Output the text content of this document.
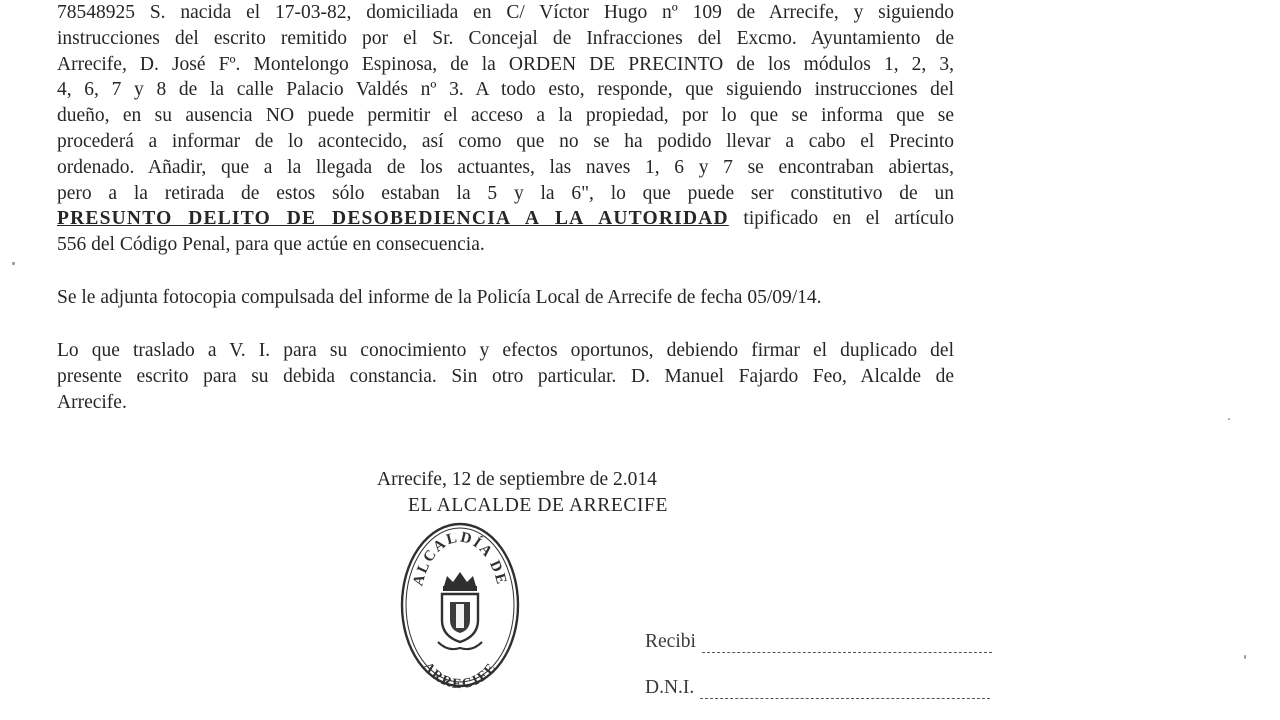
78548925 S. nacida el 17-03-82, domiciliada en C/ Víctor Hugo nº 109 de Arrecife, y siguiendo
instrucciones del escrito remitido por el Sr. Concejal de Infracciones del Excmo. Ayuntamiento de
Arrecife, D. José Fº. Montelongo Espinosa, de la ORDEN DE PRECINTO de los módulos 1, 2, 3,
4, 6, 7 y 8 de la calle Palacio Valdés nº 3. A todo esto, responde, que siguiendo instrucciones del
dueño, en su ausencia NO puede permitir el acceso a la propiedad, por lo que se informa que se
procederá a informar de lo acontecido, así como que no se ha podido llevar a cabo el Precinto
ordenado. Añadir, que a la llegada de los actuantes, las naves 1, 6 y 7 se encontraban abiertas,
pero a la retirada de estos sólo estaban la 5 y la 6", lo que puede ser constitutivo de un
PRESUNTO DELITO DE DESOBEDIENCIA A LA AUTORIDAD tipificado en el artículo
556 del Código Penal, para que actúe en consecuencia.
Se le adjunta fotocopia compulsada del informe de la Policía Local de Arrecife de fecha 05/09/14.
Lo que traslado a V. I. para su conocimiento y efectos oportunos, debiendo firmar el duplicado del
presente escrito para su debida constancia. Sin otro particular. D. Manuel Fajardo Feo, Alcalde de
Arrecife.
Arrecife, 12 de septiembre de 2.014
EL ALCALDE DE ARRECIFE
ALCALDÍA DE
ARRECIFE
Recibi
D.N.I.
